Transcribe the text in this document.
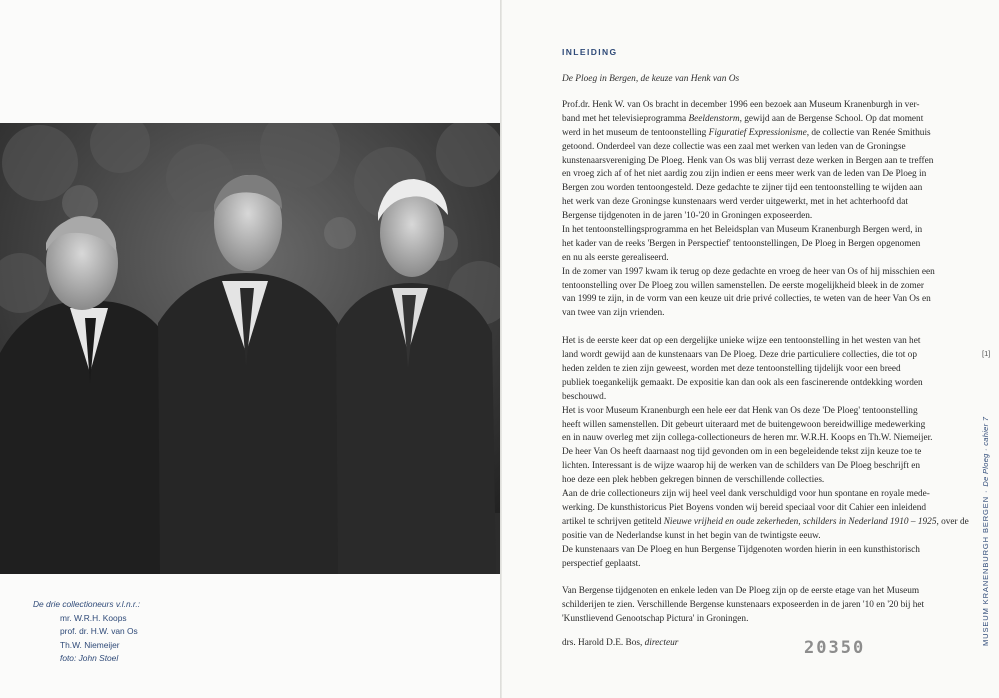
De drie collectioneurs v.l.n.r.:
mr. W.R.H. Koops
prof. dr. H.W. van Os
Th.W. Niemeijer
foto: John Stoel
INLEIDING
De Ploeg in Bergen, de keuze van Henk van Os
Prof.dr. Henk W. van Os bracht in december 1996 een bezoek aan Museum Kranenburgh in ver-
band met het televisieprogramma Beeldenstorm, gewijd aan de Bergense School. Op dat moment
werd in het museum de tentoonstelling Figuratief Expressionisme, de collectie van Renée Smithuis
getoond. Onderdeel van deze collectie was een zaal met werken van leden van de Groningse
kunstenaarsvereniging De Ploeg. Henk van Os was blij verrast deze werken in Bergen aan te treffen
en vroeg zich af of het niet aardig zou zijn indien er eens meer werk van de leden van De Ploeg in
Bergen zou worden tentoongesteld. Deze gedachte te zijner tijd een tentoonstelling te wijden aan
het werk van deze Groningse kunstenaars werd verder uitgewerkt, met in het achterhoofd dat
Bergense tijdgenoten in de jaren '10-'20 in Groningen exposeerden.
In het tentoonstellingsprogramma en het Beleidsplan van Museum Kranenburgh Bergen werd, in
het kader van de reeks 'Bergen in Perspectief' tentoonstellingen, De Ploeg in Bergen opgenomen
en nu als eerste gerealiseerd.
In de zomer van 1997 kwam ik terug op deze gedachte en vroeg de heer van Os of hij misschien een
tentoonstelling over De Ploeg zou willen samenstellen. De eerste mogelijkheid bleek in de zomer
van 1999 te zijn, in de vorm van een keuze uit drie privé collecties, te weten van de heer Van Os en
van twee van zijn vrienden.
Het is de eerste keer dat op een dergelijke unieke wijze een tentoonstelling in het westen van het
land wordt gewijd aan de kunstenaars van De Ploeg. Deze drie particuliere collecties, die tot op
heden zelden te zien zijn geweest, worden met deze tentoonstelling tijdelijk voor een breed
publiek toegankelijk gemaakt. De expositie kan dan ook als een fascinerende ontdekking worden
beschouwd.
Het is voor Museum Kranenburgh een hele eer dat Henk van Os deze 'De Ploeg' tentoonstelling
heeft willen samenstellen. Dit gebeurt uiteraard met de buitengewoon bereidwillige medewerking
en in nauw overleg met zijn collega-collectioneurs de heren mr. W.R.H. Koops en Th.W. Niemeijer.
De heer Van Os heeft daarnaast nog tijd gevonden om in een begeleidende tekst zijn keuze toe te
lichten. Interessant is de wijze waarop hij de werken van de schilders van De Ploeg beschrijft en
hoe deze een plek hebben gekregen binnen de verschillende collecties.
Aan de drie collectioneurs zijn wij heel veel dank verschuldigd voor hun spontane en royale mede-
werking. De kunsthistoricus Piet Boyens vonden wij bereid speciaal voor dit Cahier een inleidend
artikel te schrijven getiteld Nieuwe vrijheid en oude zekerheden, schilders in Nederland 1910 – 1925, over de
positie van de Nederlandse kunst in het begin van de twintigste eeuw.
De kunstenaars van De Ploeg en hun Bergense Tijdgenoten worden hierin in een kunsthistorisch
perspectief geplaatst.
Van Bergense tijdgenoten en enkele leden van De Ploeg zijn op de eerste etage van het Museum
schilderijen te zien. Verschillende Bergense kunstenaars exposeerden in de jaren '10 en '20 bij het
'Kunstlievend Genootschap Pictura' in Groningen.
drs. Harold D.E. Bos, directeur	20350
[1]
MUSEUM KRANENBURGH BERGEN · De Ploeg · cahier 7
